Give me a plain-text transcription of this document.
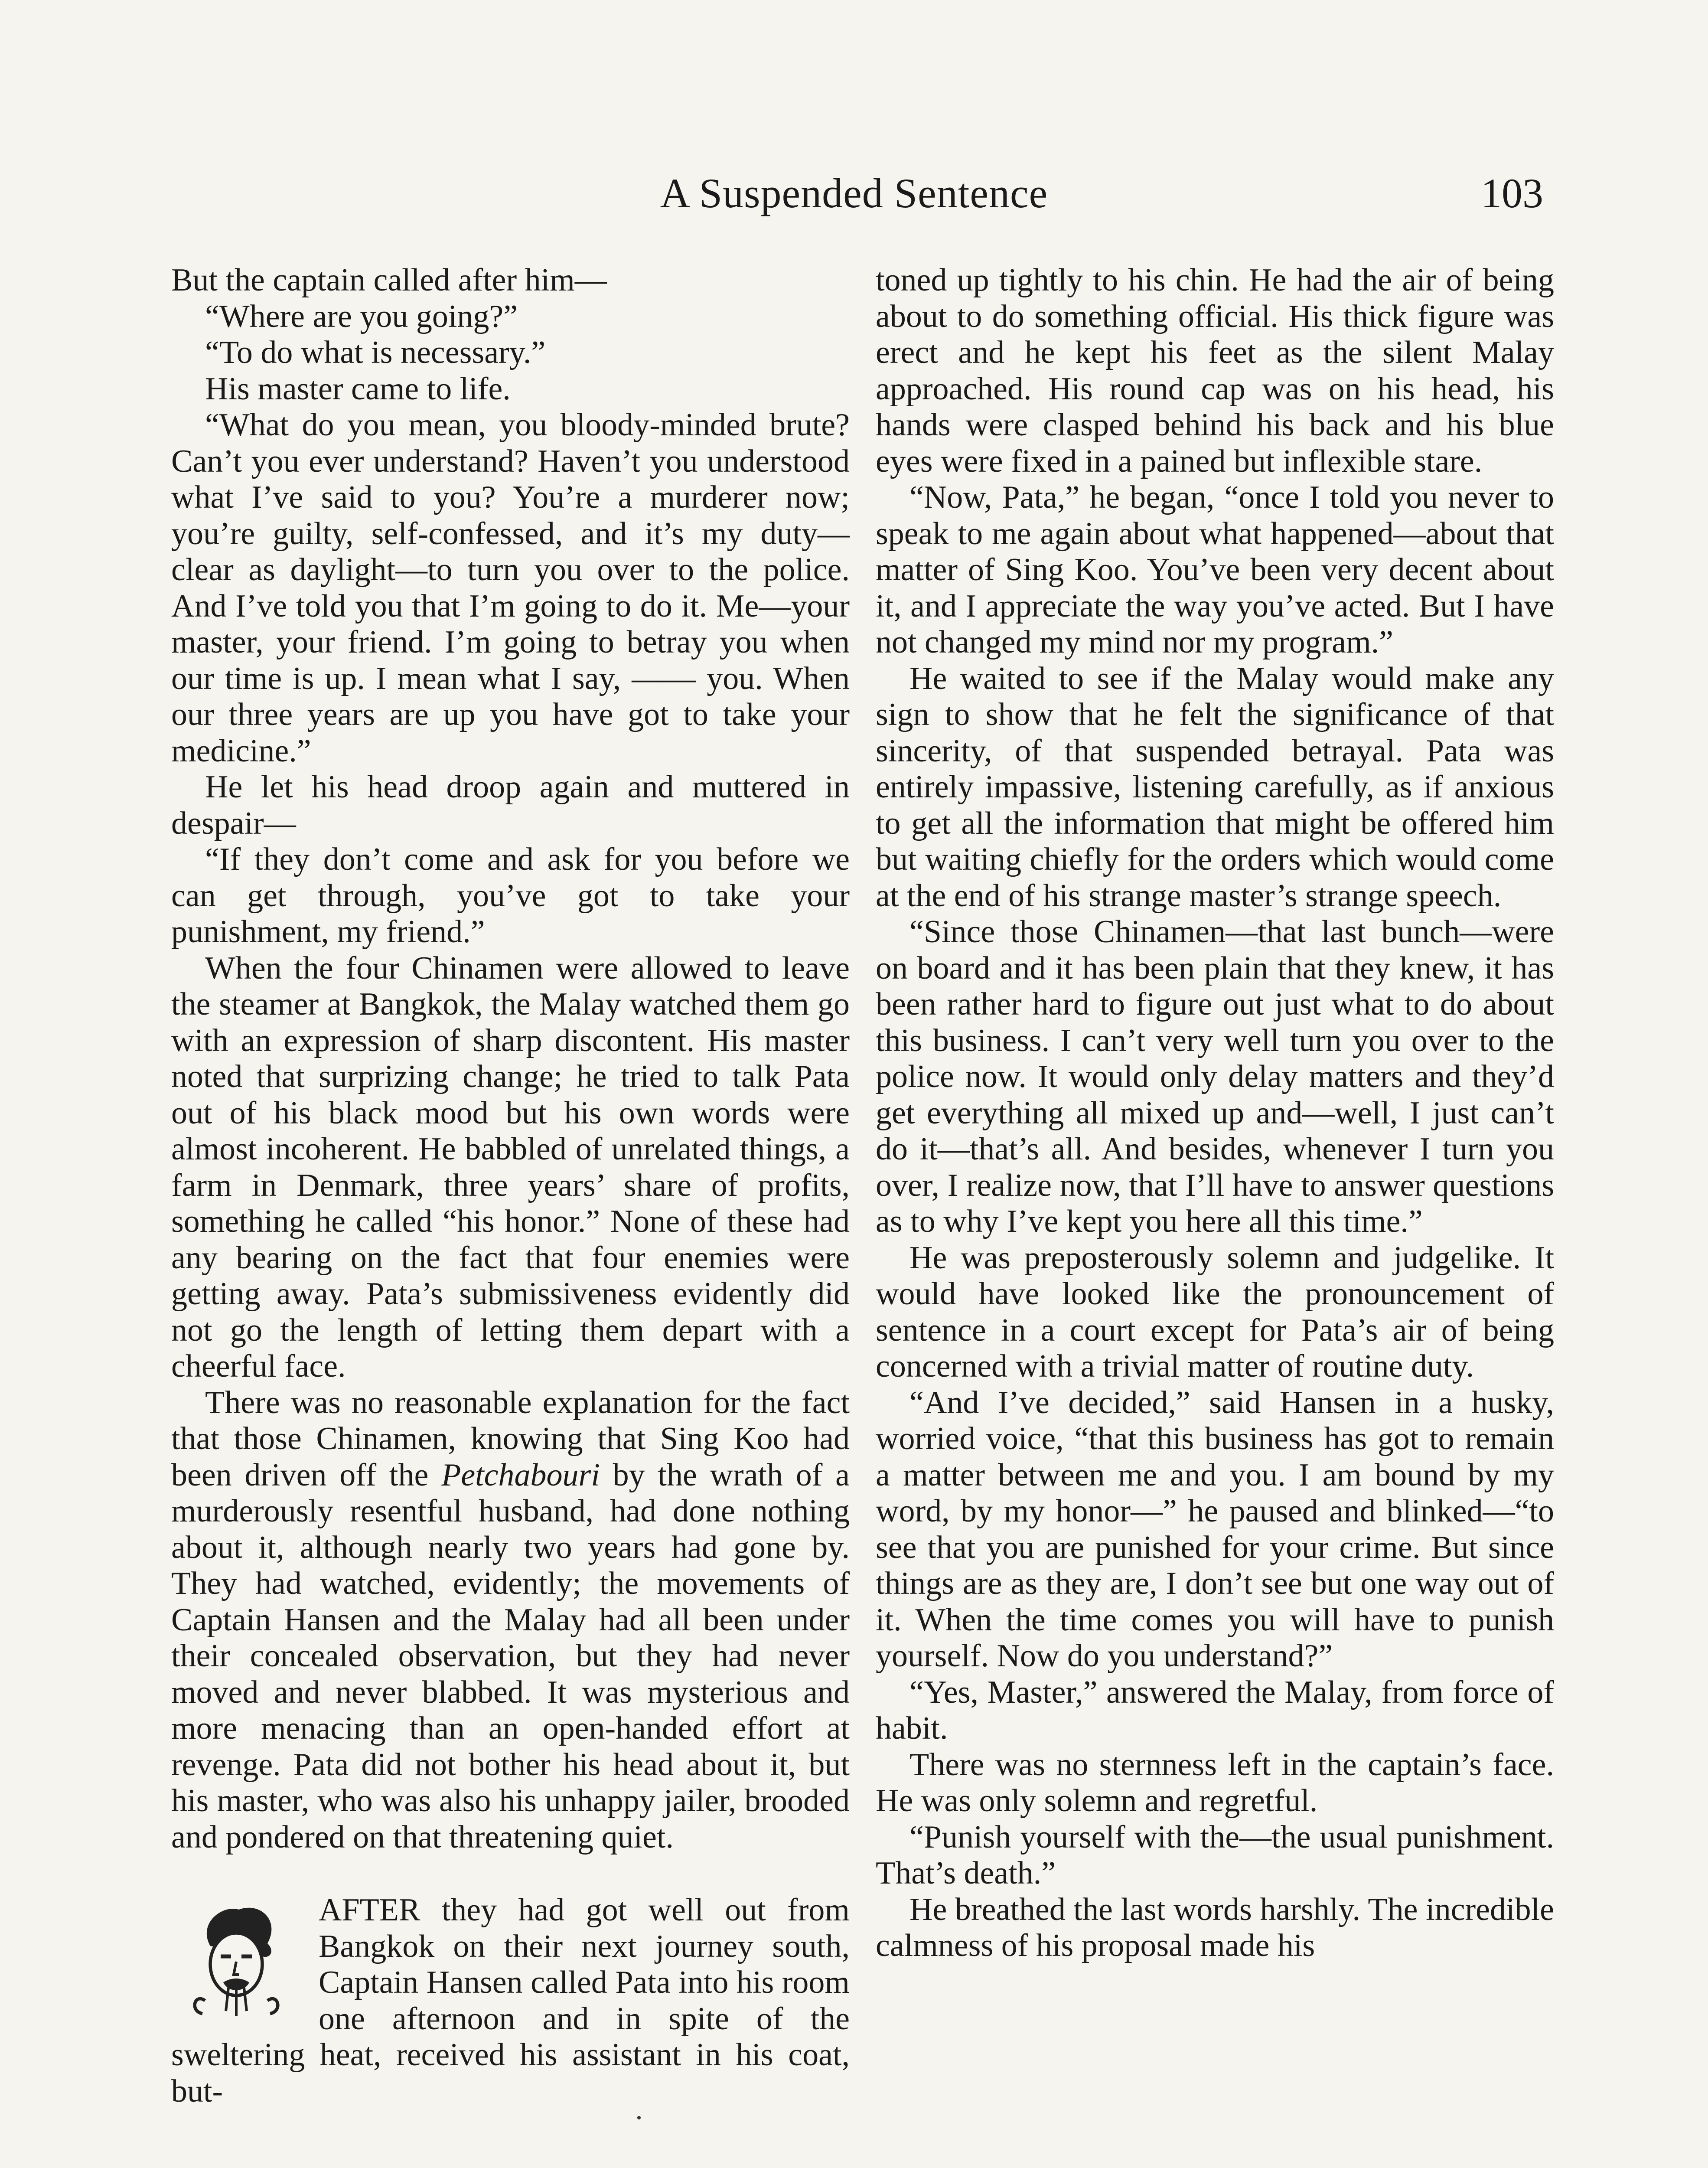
A Suspended Sentence	103

But the captain called after him—

“Where are you going?”

“To do what is necessary.”

His master came to life.

“What do you mean, you bloody-minded brute? Can’t you ever understand? Haven’t you understood what I’ve said to you? You’re a murderer now; you’re guilty, self-confessed, and it’s my duty—clear as daylight—to turn you over to the police. And I’ve told you that I’m going to do it. Me—your master, your friend. I’m going to betray you when our time is up. I mean what I say, —— you. When our three years are up you have got to take your medicine.”

He let his head droop again and muttered in despair—

“If they don’t come and ask for you before we can get through, you’ve got to take your punishment, my friend.”

When the four Chinamen were allowed to leave the steamer at Bangkok, the Malay watched them go with an expression of sharp discontent. His master noted that surprizing change; he tried to talk Pata out of his black mood but his own words were almost incoherent. He babbled of unrelated things, a farm in Denmark, three years’ share of profits, something he called “his honor.” None of these had any bearing on the fact that four enemies were getting away. Pata’s submissiveness evidently did not go the length of letting them depart with a cheerful face.

There was no reasonable explanation for the fact that those Chinamen, knowing that Sing Koo had been driven off the Petchabouri by the wrath of a murderously resentful husband, had done nothing about it, although nearly two years had gone by. They had watched, evidently; the movements of Captain Hansen and the Malay had all been under their concealed observation, but they had never moved and never blabbed. It was mysterious and more menacing than an open-handed effort at revenge. Pata did not bother his head about it, but his master, who was also his unhappy jailer, brooded and pondered on that threatening quiet.

AFTER they had got well out from Bangkok on their next journey south, Captain Hansen called Pata into his room one afternoon and in spite of the sweltering heat, received his assistant in his coat, but-

toned up tightly to his chin. He had the air of being about to do something official. His thick figure was erect and he kept his feet as the silent Malay approached. His round cap was on his head, his hands were clasped behind his back and his blue eyes were fixed in a pained but inflexible stare.

“Now, Pata,” he began, “once I told you never to speak to me again about what happened—about that matter of Sing Koo. You’ve been very decent about it, and I appreciate the way you’ve acted. But I have not changed my mind nor my program.”

He waited to see if the Malay would make any sign to show that he felt the significance of that sincerity, of that suspended betrayal. Pata was entirely impassive, listening carefully, as if anxious to get all the information that might be offered him but waiting chiefly for the orders which would come at the end of his strange master’s strange speech.

“Since those Chinamen—that last bunch—were on board and it has been plain that they knew, it has been rather hard to figure out just what to do about this business. I can’t very well turn you over to the police now. It would only delay matters and they’d get everything all mixed up and—well, I just can’t do it—that’s all. And besides, whenever I turn you over, I realize now, that I’ll have to answer questions as to why I’ve kept you here all this time.”

He was preposterously solemn and judgelike. It would have looked like the pronouncement of sentence in a court except for Pata’s air of being concerned with a trivial matter of routine duty.

“And I’ve decided,” said Hansen in a husky, worried voice, “that this business has got to remain a matter between me and you. I am bound by my word, by my honor—” he paused and blinked—“to see that you are punished for your crime. But since things are as they are, I don’t see but one way out of it. When the time comes you will have to punish yourself. Now do you understand?”

“Yes, Master,” answered the Malay, from force of habit.

There was no sternness left in the captain’s face. He was only solemn and regretful.

“Punish yourself with the—the usual punishment. That’s death.”

He breathed the last words harshly. The incredible calmness of his proposal made his
